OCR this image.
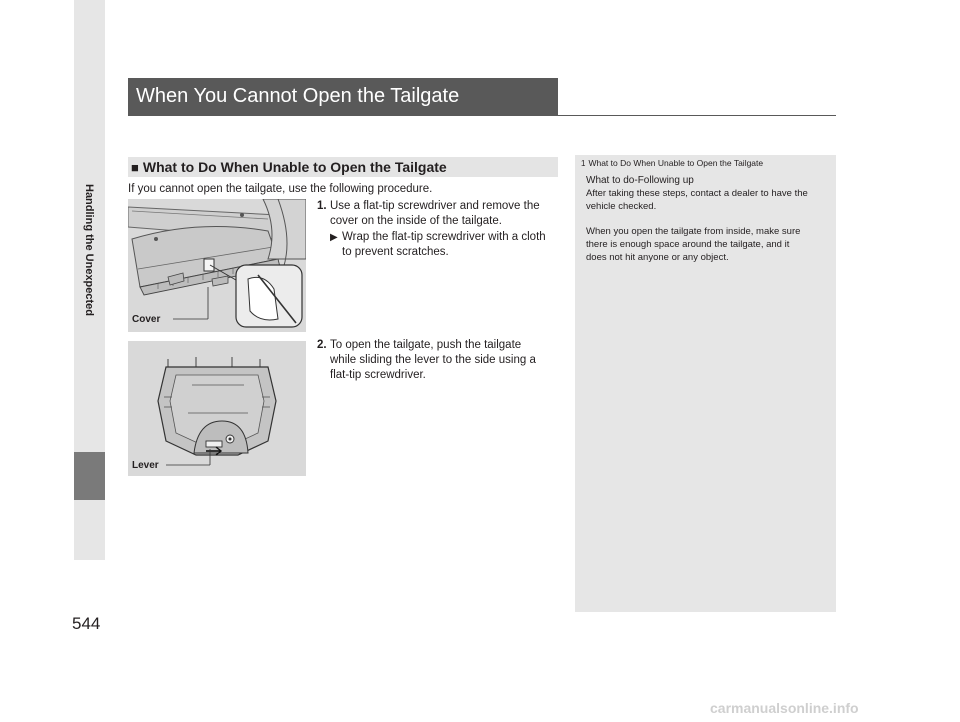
Handling the Unexpected
544
When You Cannot Open the Tailgate
■ What to Do When Unable to Open the Tailgate
If you cannot open the tailgate, use the following procedure.
1. Use a flat-tip screwdriver and remove the
cover on the inside of the tailgate.
▶ Wrap the flat-tip screwdriver with a cloth
to prevent scratches.
2. To open the tailgate, push the tailgate
while sliding the lever to the side using a
flat-tip screwdriver.
Cover
Lever
1 What to Do When Unable to Open the Tailgate
What to do-Following up
After taking these steps, contact a dealer to have the
vehicle checked.
When you open the tailgate from inside, make sure
there is enough space around the tailgate, and it
does not hit anyone or any object.
carmanualsonline.info
